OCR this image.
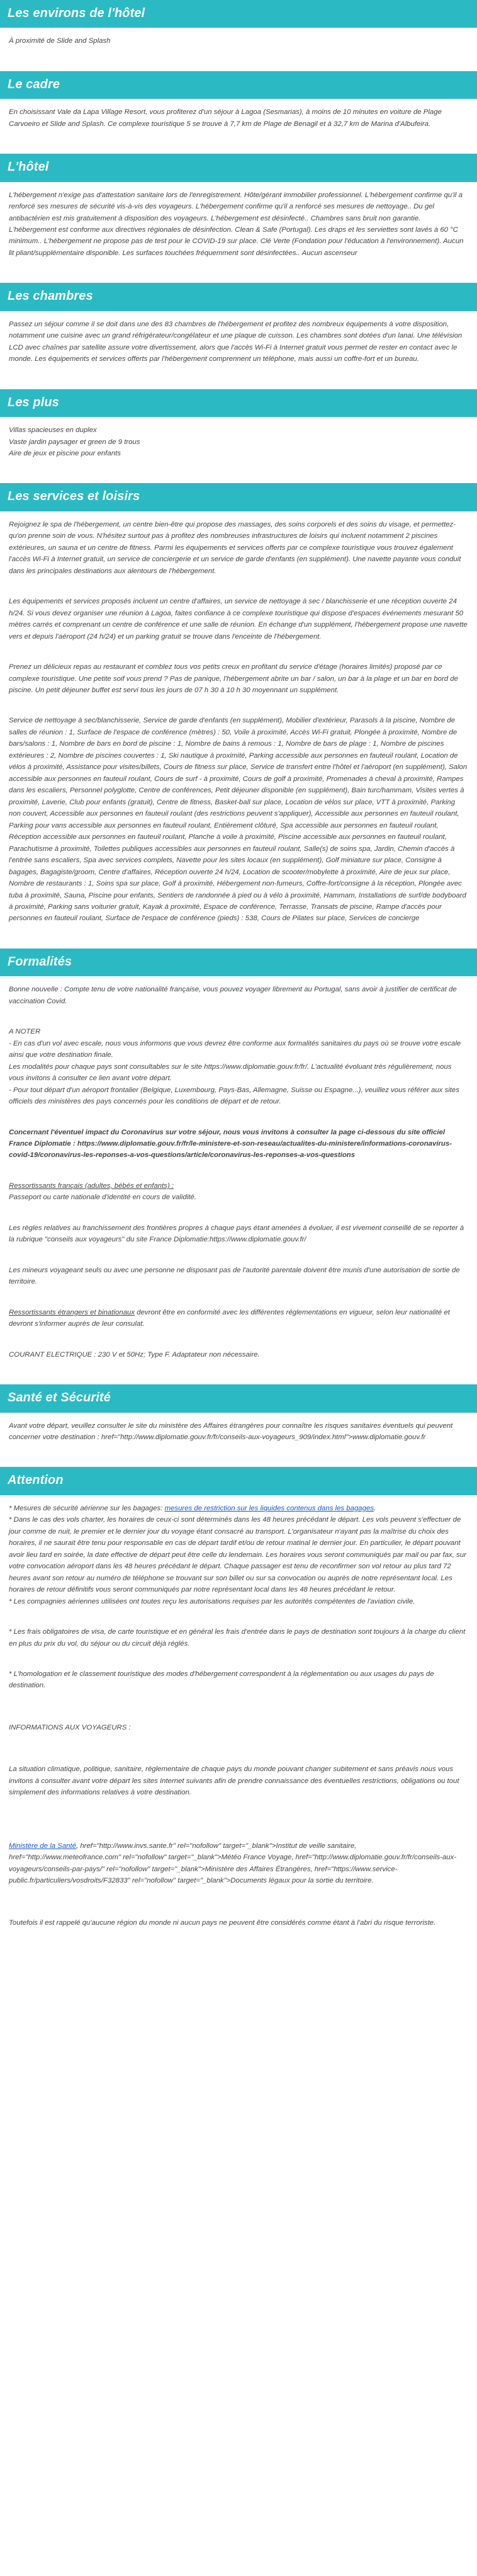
Les environs de l'hôtel

À proximité de Slide and Splash

Le cadre

En choisissant Vale da Lapa Village Resort, vous profiterez d'un séjour à Lagoa (Sesmarias), à moins de 10 minutes en voiture de Plage Carvoeiro et Slide and Splash. Ce complexe touristique 5 se trouve à 7,7 km de Plage de Benagil et à 32,7 km de Marina d'Albufeira.

L'hôtel

L'hébergement n'exige pas d'attestation sanitaire lors de l'enregistrement. Hôte/gérant immobilier professionnel. L'hébergement confirme qu'il a renforcé ses mesures de sécurité vis-à-vis des voyageurs. L'hébergement confirme qu'il a renforcé ses mesures de nettoyage.. Du gel antibactérien est mis gratuitement à disposition des voyageurs. L'hébergement est désinfecté.. Chambres sans bruit non garantie. L'hébergement est conforme aux directives régionales de désinfection. Clean & Safe (Portugal). Les draps et les serviettes sont lavés à 60 °C minimum.. L'hébergement ne propose pas de test pour le COVID-19 sur place. Clé Verte (Fondation pour l'éducation à l'environnement). Aucun lit pliant/supplémentaire disponible. Les surfaces touchées fréquemment sont désinfectées.. Aucun ascenseur

Les chambres

Passez un séjour comme il se doit dans une des 83 chambres de l'hébergement et profitez des nombreux équipements à votre disposition, notamment une cuisine avec un grand réfrigérateur/congélateur et une plaque de cuisson. Les chambres sont dotées d'un lanai. Une télévision LCD avec chaînes par satellite assure votre divertissement, alors que l'accès Wi-Fi à Internet gratuit vous permet de rester en contact avec le monde. Les équipements et services offerts par l'hébergement comprennent un téléphone, mais aussi un coffre-fort et un bureau.

Les plus

Villas spacieuses en duplex

Vaste jardin paysager et green de 9 trous

Aire de jeux et piscine pour enfants

Les services et loisirs

Rejoignez le spa de l'hébergement, un centre bien-être qui propose des massages, des soins corporels et des soins du visage, et permettez-qu'on prenne soin de vous. N'hésitez surtout pas à profitez des nombreuses infrastructures de loisirs qui incluent notamment 2 piscines extérieures, un sauna et un centre de fitness. Parmi les équipements et services offerts par ce complexe touristique vous trouvez également l'accès Wi-Fi à Internet gratuit, un service de conciergerie et un service de garde d'enfants (en supplément). Une navette payante vous conduit dans les principales destinations aux alentours de l'hébergement.

Les équipements et services proposés incluent un centre d'affaires, un service de nettoyage à sec / blanchisserie et une réception ouverte 24 h/24. Si vous devez organiser une réunion à Lagoa, faites confiance à ce complexe touristique qui dispose d'espaces événements mesurant 50 mètres carrés et comprenant un centre de conférence et une salle de réunion. En échange d'un supplément, l'hébergement propose une navette vers et depuis l'aéroport (24 h/24) et un parking gratuit se trouve dans l'enceinte de l'hébergement.

Prenez un délicieux repas au restaurant et comblez tous vos petits creux en profitant du service d'étage (horaires limités) proposé par ce complexe touristique. Une petite soif vous prend ? Pas de panique, l'hébergement abrite un bar / salon, un bar à la plage et un bar en bord de piscine. Un petit déjeuner buffet est servi tous les jours de 07 h 30 à 10 h 30 moyennant un supplément.

Service de nettoyage à sec/blanchisserie, Service de garde d'enfants (en supplément), Mobilier d'extérieur, Parasols à la piscine, Nombre de salles de réunion : 1, Surface de l'espace de conférence (mètres) : 50, Voile à proximité, Accès Wi-Fi gratuit, Plongée à proximité, Nombre de bars/salons : 1, Nombre de bars en bord de piscine : 1, Nombre de bains à remous : 1, Nombre de bars de plage : 1, Nombre de piscines extérieures : 2, Nombre de piscines couvertes : 1, Ski nautique à proximité, Parking accessible aux personnes en fauteuil roulant, Location de vélos à proximité, Assistance pour visites/billets, Cours de fitness sur place, Service de transfert entre l'hôtel et l'aéroport (en supplément), Salon accessible aux personnes en fauteuil roulant, Cours de surf - à proximité, Cours de golf à proximité, Promenades à cheval à proximité, Rampes dans les escaliers, Personnel polyglotte, Centre de conférences, Petit déjeuner disponible (en supplément), Bain turc/hammam, Visites vertes à proximité, Laverie, Club pour enfants (gratuit), Centre de fitness, Basket-ball sur place, Location de vélos sur place, VTT à proximité, Parking non couvert, Accessible aux personnes en fauteuil roulant (des restrictions peuvent s'appliquer), Accessible aux personnes en fauteuil roulant, Parking pour vans accessible aux personnes en fauteuil roulant, Entièrement clôturé, Spa accessible aux personnes en fauteuil roulant, Réception accessible aux personnes en fauteuil roulant, Planche à voile à proximité, Piscine accessible aux personnes en fauteuil roulant, Parachutisme à proximité, Toilettes publiques accessibles aux personnes en fauteuil roulant, Salle(s) de soins spa, Jardin, Chemin d'accès à l'entrée sans escaliers, Spa avec services complets, Navette pour les sites locaux (en supplément), Golf miniature sur place, Consigne à bagages, Bagagiste/groom, Centre d'affaires, Réception ouverte 24 h/24, Location de scooter/mobylette à proximité, Aire de jeux sur place, Nombre de restaurants : 1, Soins spa sur place, Golf à proximité, Hébergement non-fumeurs, Coffre-fort/consigne à la réception, Plongée avec tuba à proximité, Sauna, Piscine pour enfants, Sentiers de randonnée à pied ou à vélo à proximité, Hammam, Installations de surf/de bodyboard à proximité, Parking sans voiturier gratuit, Kayak à proximité, Espace de conférence, Terrasse, Transats de piscine, Rampe d'accès pour personnes en fauteuil roulant, Surface de l'espace de conférence (pieds) : 538, Cours de Pilates sur place, Services de concierge

Formalités

Bonne nouvelle : Compte tenu de votre nationalité française, vous pouvez voyager librement au Portugal, sans avoir à justifier de certificat de vaccination Covid.

A NOTER

- En cas d'un vol avec escale, nous vous informons que vous devrez être conforme aux formalités sanitaires du pays où se trouve votre escale ainsi que votre destination finale.

Les modalités pour chaque pays sont consultables sur le site https://www.diplomatie.gouv.fr/fr/. L'actualité évoluant très régulièrement, nous vous invitons à consulter ce lien avant votre départ.

- Pour tout départ d'un aéroport frontalier (Belgique, Luxembourg, Pays-Bas, Allemagne, Suisse ou Espagne...), veuillez vous référer aux sites officiels des ministères des pays concernés pour les conditions de départ et de retour.

Concernant l'éventuel impact du Coronavirus sur votre séjour, nous vous invitons à consulter la page ci-dessous du site officiel France Diplomatie : https://www.diplomatie.gouv.fr/fr/le-ministere-et-son-reseau/actualites-du-ministere/informations-coronavirus-covid-19/coronavirus-les-reponses-a-vos-questions/article/coronavirus-les-reponses-a-vos-questions

Ressortissants français (adultes, bébés et enfants) :

Passeport ou carte nationale d'identité en cours de validité.

Les règles relatives au franchissement des frontières propres à chaque pays étant amenées à évoluer, il est vivement conseillé de se reporter à la rubrique "conseils aux voyageurs" du site France Diplomatie:https://www.diplomatie.gouv.fr/

Les mineurs voyageant seuls ou avec une personne ne disposant pas de l'autorité parentale doivent être munis d'une autorisation de sortie de territoire.

Ressortissants étrangers et binationaux devront être en conformité avec les différentes réglementations en vigueur, selon leur nationalité et devront s'informer auprès de leur consulat.

COURANT ELECTRIQUE : 230 V et 50Hz; Type F. Adaptateur non nécessaire.

Santé et Sécurité

Avant votre départ, veuillez consulter le site du ministère des Affaires étrangères pour connaître les risques sanitaires éventuels qui peuvent concerner votre destination : href="http://www.diplomatie.gouv.fr/fr/conseils-aux-voyageurs_909/index.html">www.diplomatie.gouv.fr

Attention

* Mesures de sécurité aérienne sur les bagages: mesures de restriction sur les liquides contenus dans les bagages.

* Dans le cas des vols charter, les horaires de ceux-ci sont déterminés dans les 48 heures précédant le départ. Les vols peuvent s'effectuer de jour comme de nuit, le premier et le dernier jour du voyage étant consacré au transport. L'organisateur n'ayant pas la maîtrise du choix des horaires, il ne saurait être tenu pour responsable en cas de départ tardif et/ou de retour matinal le dernier jour. En particulier, le départ pouvant avoir lieu tard en soirée, la date effective de départ peut être celle du lendemain. Les horaires vous seront communiqués par mail ou par fax, sur votre convocation aéroport dans les 48 heures précédant le départ. Chaque passager est tenu de reconfirmer son vol retour au plus tard 72 heures avant son retour au numéro de téléphone se trouvant sur son billet ou sur sa convocation ou auprès de notre représentant local. Les horaires de retour définitifs vous seront communiqués par notre représentant local dans les 48 heures précédant le retour.

* Les compagnies aériennes utilisées ont toutes reçu les autorisations requises par les autorités compétentes de l'aviation civile.

* Les frais obligatoires de visa, de carte touristique et en général les frais d'entrée dans le pays de destination sont toujours à la charge du client en plus du prix du vol, du séjour ou du circuit déjà réglés.

* L'homologation et le classement touristique des modes d'hébergement correspondent à la réglementation ou aux usages du pays de destination.

INFORMATIONS AUX VOYAGEURS :

La situation climatique, politique, sanitaire, réglementaire de chaque pays du monde pouvant changer subitement et sans préavis nous vous invitons à consulter avant votre départ les sites Internet suivants afin de prendre connaissance des éventuelles restrictions, obligations ou tout simplement des informations relatives à votre destination.

Ministère de la Santé, href="http://www.invs.sante.fr" rel="nofollow" target="_blank">Institut de veille sanitaire, href="http://www.meteofrance.com" rel="nofollow" target="_blank">Météo France Voyage, href="http://www.diplomatie.gouv.fr/fr/conseils-aux-voyageurs/conseils-par-pays/" rel="nofollow" target="_blank">Ministère des Affaires Étrangères, href="https://www.service-public.fr/particuliers/vosdroits/F32833" rel="nofollow" target="_blank">Documents légaux pour la sortie du territoire.

Toutefois il est rappelé qu'aucune région du monde ni aucun pays ne peuvent être considérés comme étant à l'abri du risque terroriste.
